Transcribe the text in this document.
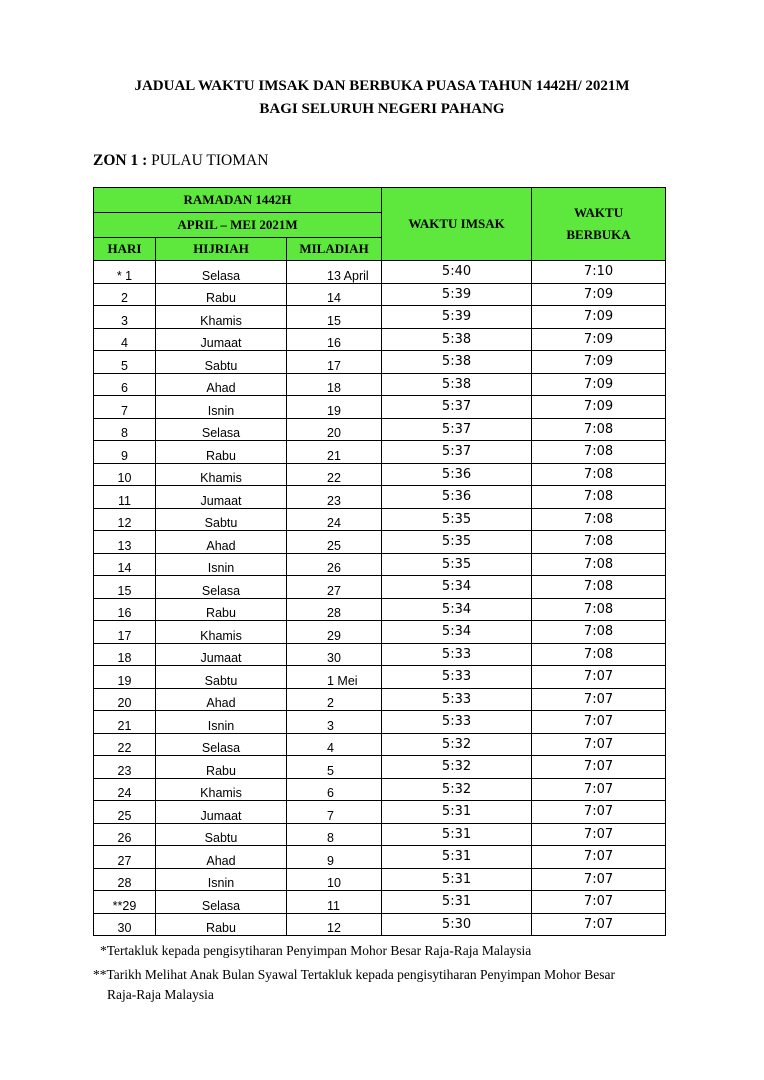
JADUAL WAKTU IMSAK DAN BERBUKA PUASA TAHUN 1442H/ 2021M
BAGI SELURUH NEGERI PAHANG
ZON 1 : PULAU TIOMAN
RAMADAN 1442H			WAKTU IMSAK	WAKTU
BERBUKA
APRIL – MEI 2021M				
HARI	HIJRIAH	MILADIAH		
* 1	Selasa	13 April	5:40	7:10
2	Rabu	14	5:39	7:09
3	Khamis	15	5:39	7:09
4	Jumaat	16	5:38	7:09
5	Sabtu	17	5:38	7:09
6	Ahad	18	5:38	7:09
7	Isnin	19	5:37	7:09
8	Selasa	20	5:37	7:08
9	Rabu	21	5:37	7:08
10	Khamis	22	5:36	7:08
11	Jumaat	23	5:36	7:08
12	Sabtu	24	5:35	7:08
13	Ahad	25	5:35	7:08
14	Isnin	26	5:35	7:08
15	Selasa	27	5:34	7:08
16	Rabu	28	5:34	7:08
17	Khamis	29	5:34	7:08
18	Jumaat	30	5:33	7:08
19	Sabtu	1 Mei	5:33	7:07
20	Ahad	2	5:33	7:07
21	Isnin	3	5:33	7:07
22	Selasa	4	5:32	7:07
23	Rabu	5	5:32	7:07
24	Khamis	6	5:32	7:07
25	Jumaat	7	5:31	7:07
26	Sabtu	8	5:31	7:07
27	Ahad	9	5:31	7:07
28	Isnin	10	5:31	7:07
**29	Selasa	11	5:31	7:07
30	Rabu	12	5:30	7:07
*Tertakluk kepada pengisytiharan Penyimpan Mohor Besar Raja-Raja Malaysia
**Tarikh Melihat Anak Bulan Syawal Tertakluk kepada pengisytiharan Penyimpan Mohor Besar
Raja-Raja Malaysia
